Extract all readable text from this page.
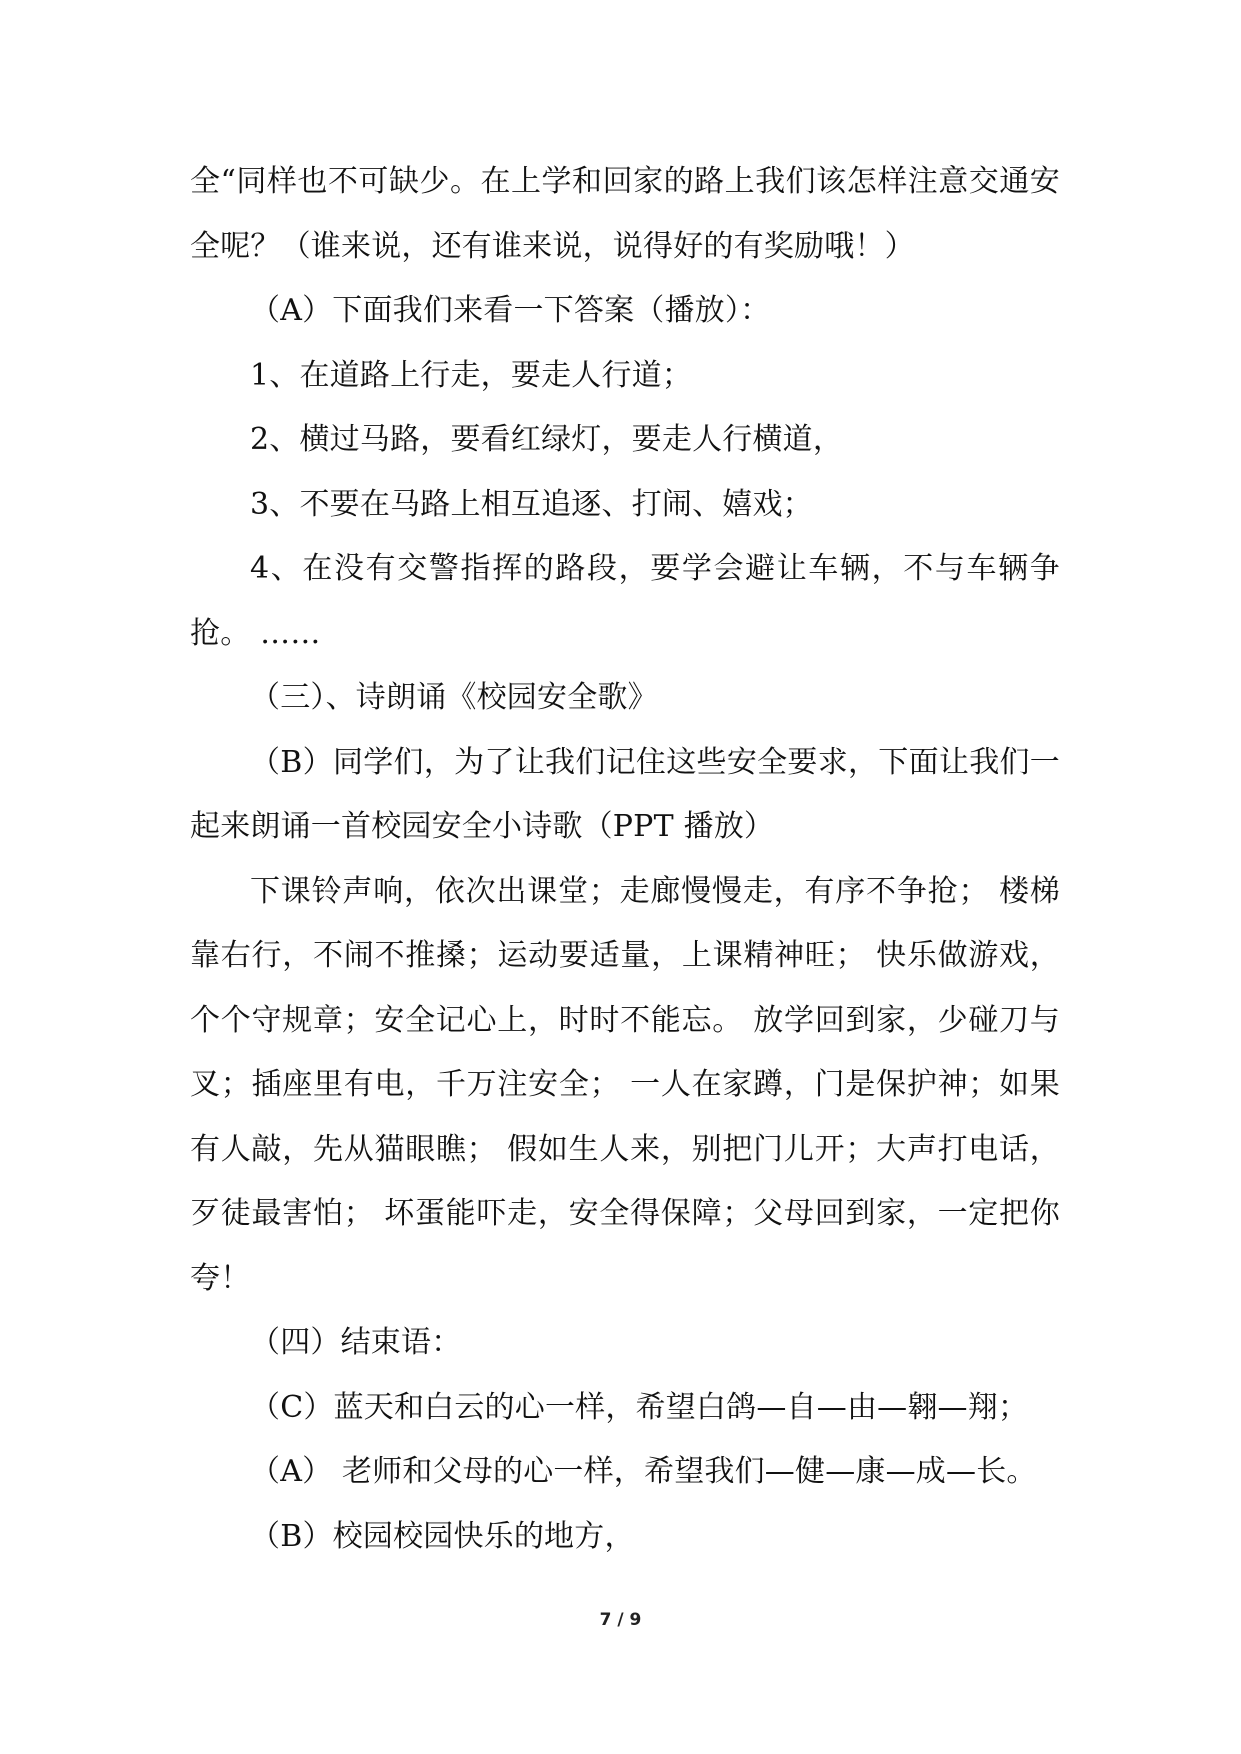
全“同样也不可缺少。在上学和回家的路上我们该怎样注意交通安全呢？（谁来说，还有谁来说，说得好的有奖励哦！）

（A）下面我们来看一下答案（播放）：

1、在道路上行走，要走人行道；

2、横过马路，要看红绿灯，要走人行横道，

3、不要在马路上相互追逐、打闹、嬉戏；

4、在没有交警指挥的路段，要学会避让车辆，不与车辆争抢。 ……

（三）、诗朗诵《校园安全歌》

（B）同学们，为了让我们记住这些安全要求，下面让我们一起来朗诵一首校园安全小诗歌（PPT 播放）

下课铃声响，依次出课堂；走廊慢慢走，有序不争抢； 楼梯靠右行，不闹不推搡；运动要适量，上课精神旺； 快乐做游戏，个个守规章；安全记心上，时时不能忘。 放学回到家，少碰刀与叉；插座里有电，千万注安全； 一人在家蹲，门是保护神；如果有人敲，先从猫眼瞧； 假如生人来，别把门儿开；大声打电话，歹徒最害怕； 坏蛋能吓走，安全得保障；父母回到家，一定把你夸！

（四）结束语：

（C）蓝天和白云的心一样，希望白鸽—自—由—翱—翔；

（A） 老师和父母的心一样，希望我们—健—康—成—长。

（B）校园校园快乐的地方，

7 / 9
